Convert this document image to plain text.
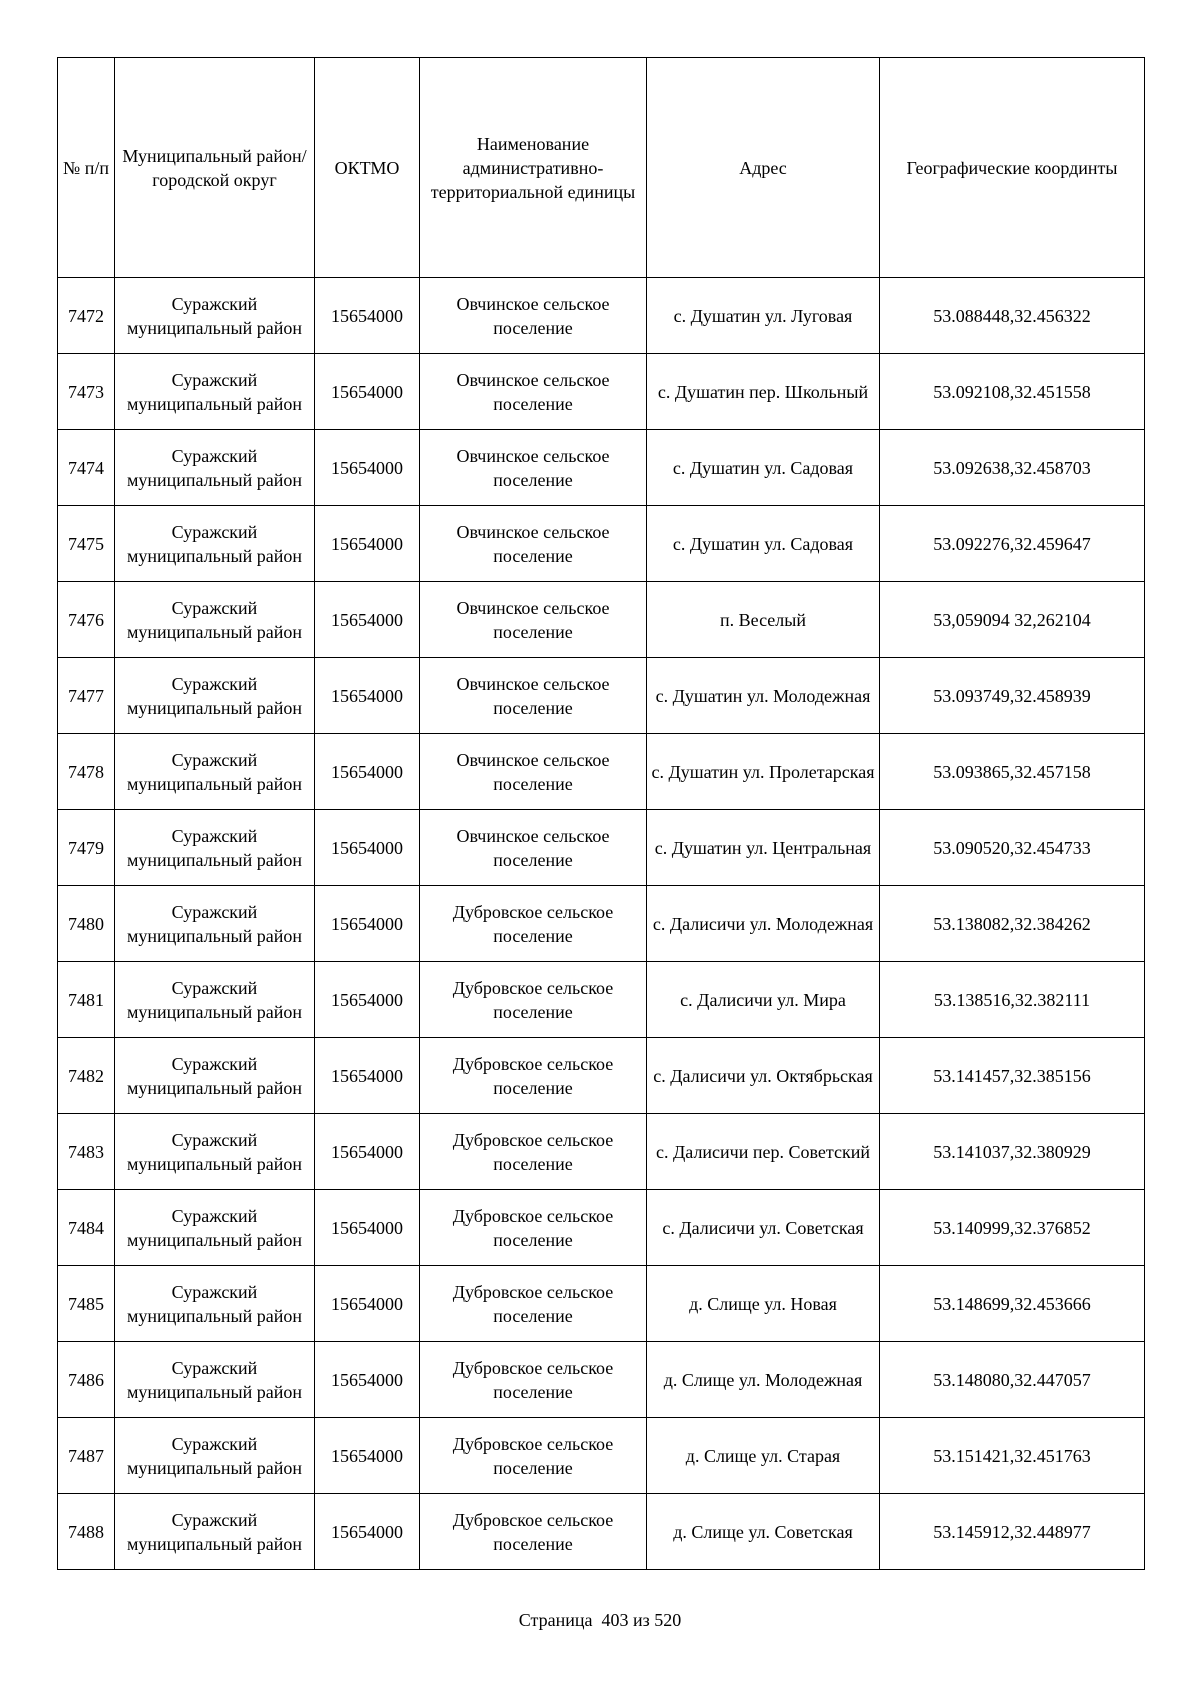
№ п/п	Муниципальный район/городской округ	ОКТМО	Наименование административно-территориальной единицы	Адрес	Географические координты
7472	Суражский муниципальный район	15654000	Овчинское сельское поселение	с. Душатин ул. Луговая	53.088448,32.456322
7473	Суражский муниципальный район	15654000	Овчинское сельское поселение	с. Душатин пер. Школьный	53.092108,32.451558
7474	Суражский муниципальный район	15654000	Овчинское сельское поселение	с. Душатин ул. Садовая	53.092638,32.458703
7475	Суражский муниципальный район	15654000	Овчинское сельское поселение	с. Душатин ул. Садовая	53.092276,32.459647
7476	Суражский муниципальный район	15654000	Овчинское сельское поселение	п. Веселый	53,059094 32,262104
7477	Суражский муниципальный район	15654000	Овчинское сельское поселение	с. Душатин ул. Молодежная	53.093749,32.458939
7478	Суражский муниципальный район	15654000	Овчинское сельское поселение	с. Душатин ул. Пролетарская	53.093865,32.457158
7479	Суражский муниципальный район	15654000	Овчинское сельское поселение	с. Душатин ул. Центральная	53.090520,32.454733
7480	Суражский муниципальный район	15654000	Дубровское сельское поселение	с. Далисичи ул. Молодежная	53.138082,32.384262
7481	Суражский муниципальный район	15654000	Дубровское сельское поселение	с. Далисичи ул. Мира	53.138516,32.382111
7482	Суражский муниципальный район	15654000	Дубровское сельское поселение	с. Далисичи ул. Октябрьская	53.141457,32.385156
7483	Суражский муниципальный район	15654000	Дубровское сельское поселение	с. Далисичи пер. Советский	53.141037,32.380929
7484	Суражский муниципальный район	15654000	Дубровское сельское поселение	с. Далисичи ул. Советская	53.140999,32.376852
7485	Суражский муниципальный район	15654000	Дубровское сельское поселение	д. Слище ул. Новая	53.148699,32.453666
7486	Суражский муниципальный район	15654000	Дубровское сельское поселение	д. Слище ул. Молодежная	53.148080,32.447057
7487	Суражский муниципальный район	15654000	Дубровское сельское поселение	д. Слище ул. Старая	53.151421,32.451763
7488	Суражский муниципальный район	15654000	Дубровское сельское поселение	д. Слище ул. Советская	53.145912,32.448977
Страница 403 из 520
